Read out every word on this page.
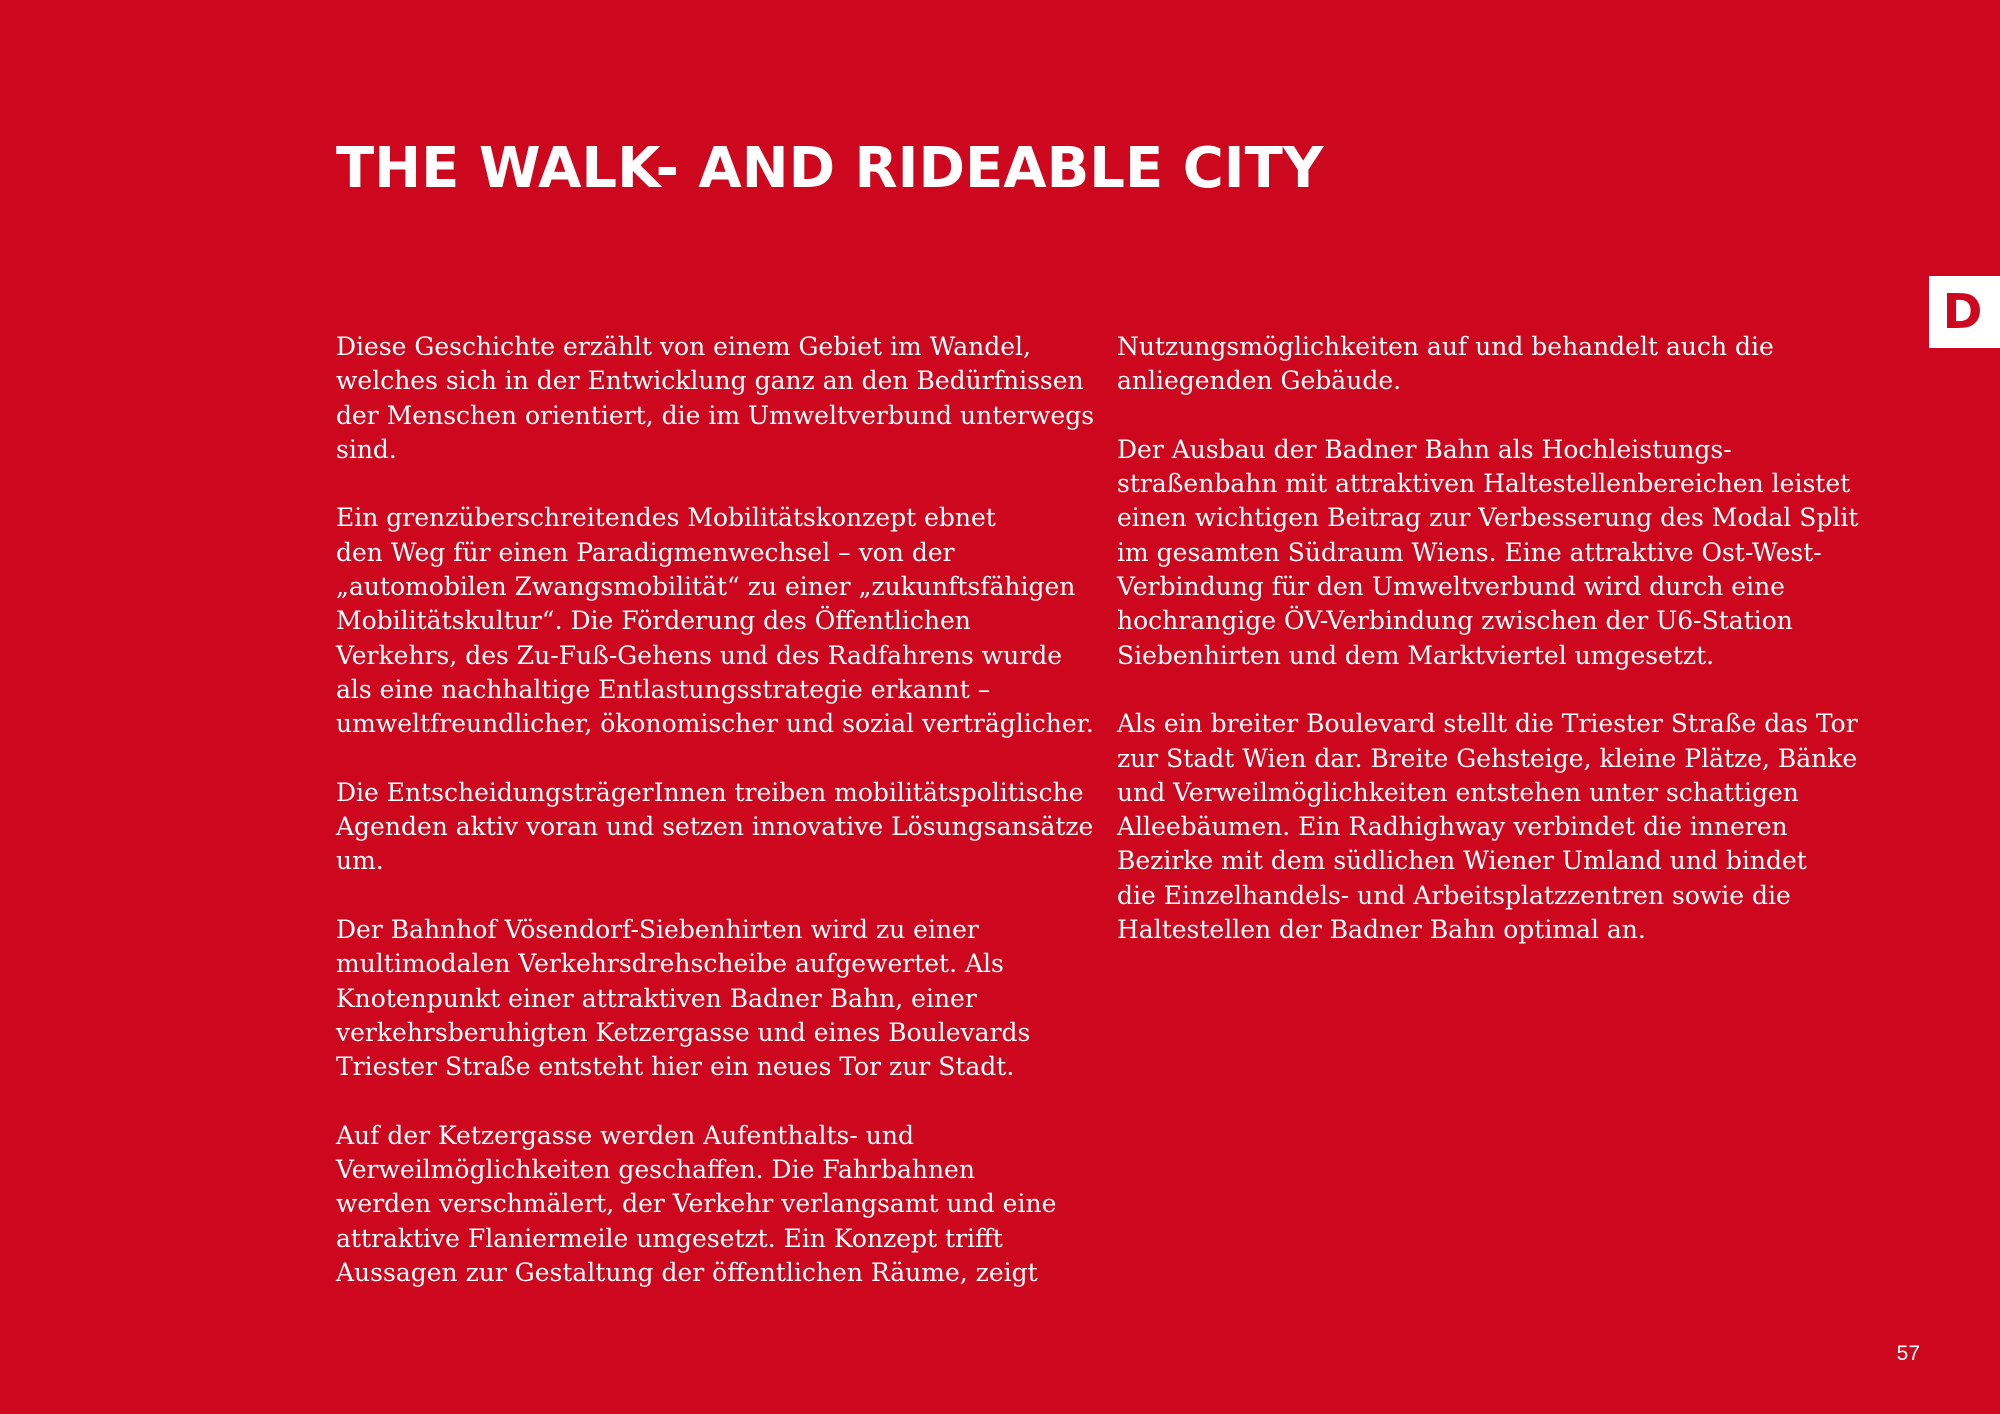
THE WALK- AND RIDEABLE CITY
D

Diese Geschichte erzählt von einem Gebiet im Wandel,
welches sich in der Entwicklung ganz an den Bedürfnissen
der Menschen orientiert, die im Umweltverbund unterwegs
sind.

Ein grenzüberschreitendes Mobilitätskonzept ebnet
den Weg für einen Paradigmenwechsel – von der
„automobilen Zwangsmobilität“ zu einer „zukunftsfähigen
Mobilitätskultur“. Die Förderung des Öffentlichen
Verkehrs, des Zu-Fuß-Gehens und des Radfahrens wurde
als eine nachhaltige Entlastungsstrategie erkannt –
umweltfreundlicher, ökonomischer und sozial verträglicher.

Die EntscheidungsträgerInnen treiben mobilitätspolitische
Agenden aktiv voran und setzen innovative Lösungsansätze
um.

Der Bahnhof Vösendorf-Siebenhirten wird zu einer
multimodalen Verkehrsdrehscheibe aufgewertet. Als
Knotenpunkt einer attraktiven Badner Bahn, einer
verkehrsberuhigten Ketzergasse und eines Boulevards
Triester Straße entsteht hier ein neues Tor zur Stadt.

Auf der Ketzergasse werden Aufenthalts- und
Verweilmöglichkeiten geschaffen. Die Fahrbahnen
werden verschmälert, der Verkehr verlangsamt und eine
attraktive Flaniermeile umgesetzt. Ein Konzept trifft
Aussagen zur Gestaltung der öffentlichen Räume, zeigt

Nutzungsmöglichkeiten auf und behandelt auch die
anliegenden Gebäude.

Der Ausbau der Badner Bahn als Hochleistungs-
straßenbahn mit attraktiven Haltestellenbereichen leistet
einen wichtigen Beitrag zur Verbesserung des Modal Split
im gesamten Südraum Wiens. Eine attraktive Ost-West-
Verbindung für den Umweltverbund wird durch eine
hochrangige ÖV-Verbindung zwischen der U6-Station
Siebenhirten und dem Marktviertel umgesetzt.

Als ein breiter Boulevard stellt die Triester Straße das Tor
zur Stadt Wien dar. Breite Gehsteige, kleine Plätze, Bänke
und Verweilmöglichkeiten entstehen unter schattigen
Alleebäumen. Ein Radhighway verbindet die inneren
Bezirke mit dem südlichen Wiener Umland und bindet
die Einzelhandels- und Arbeitsplatzzentren sowie die
Haltestellen der Badner Bahn optimal an.

57
